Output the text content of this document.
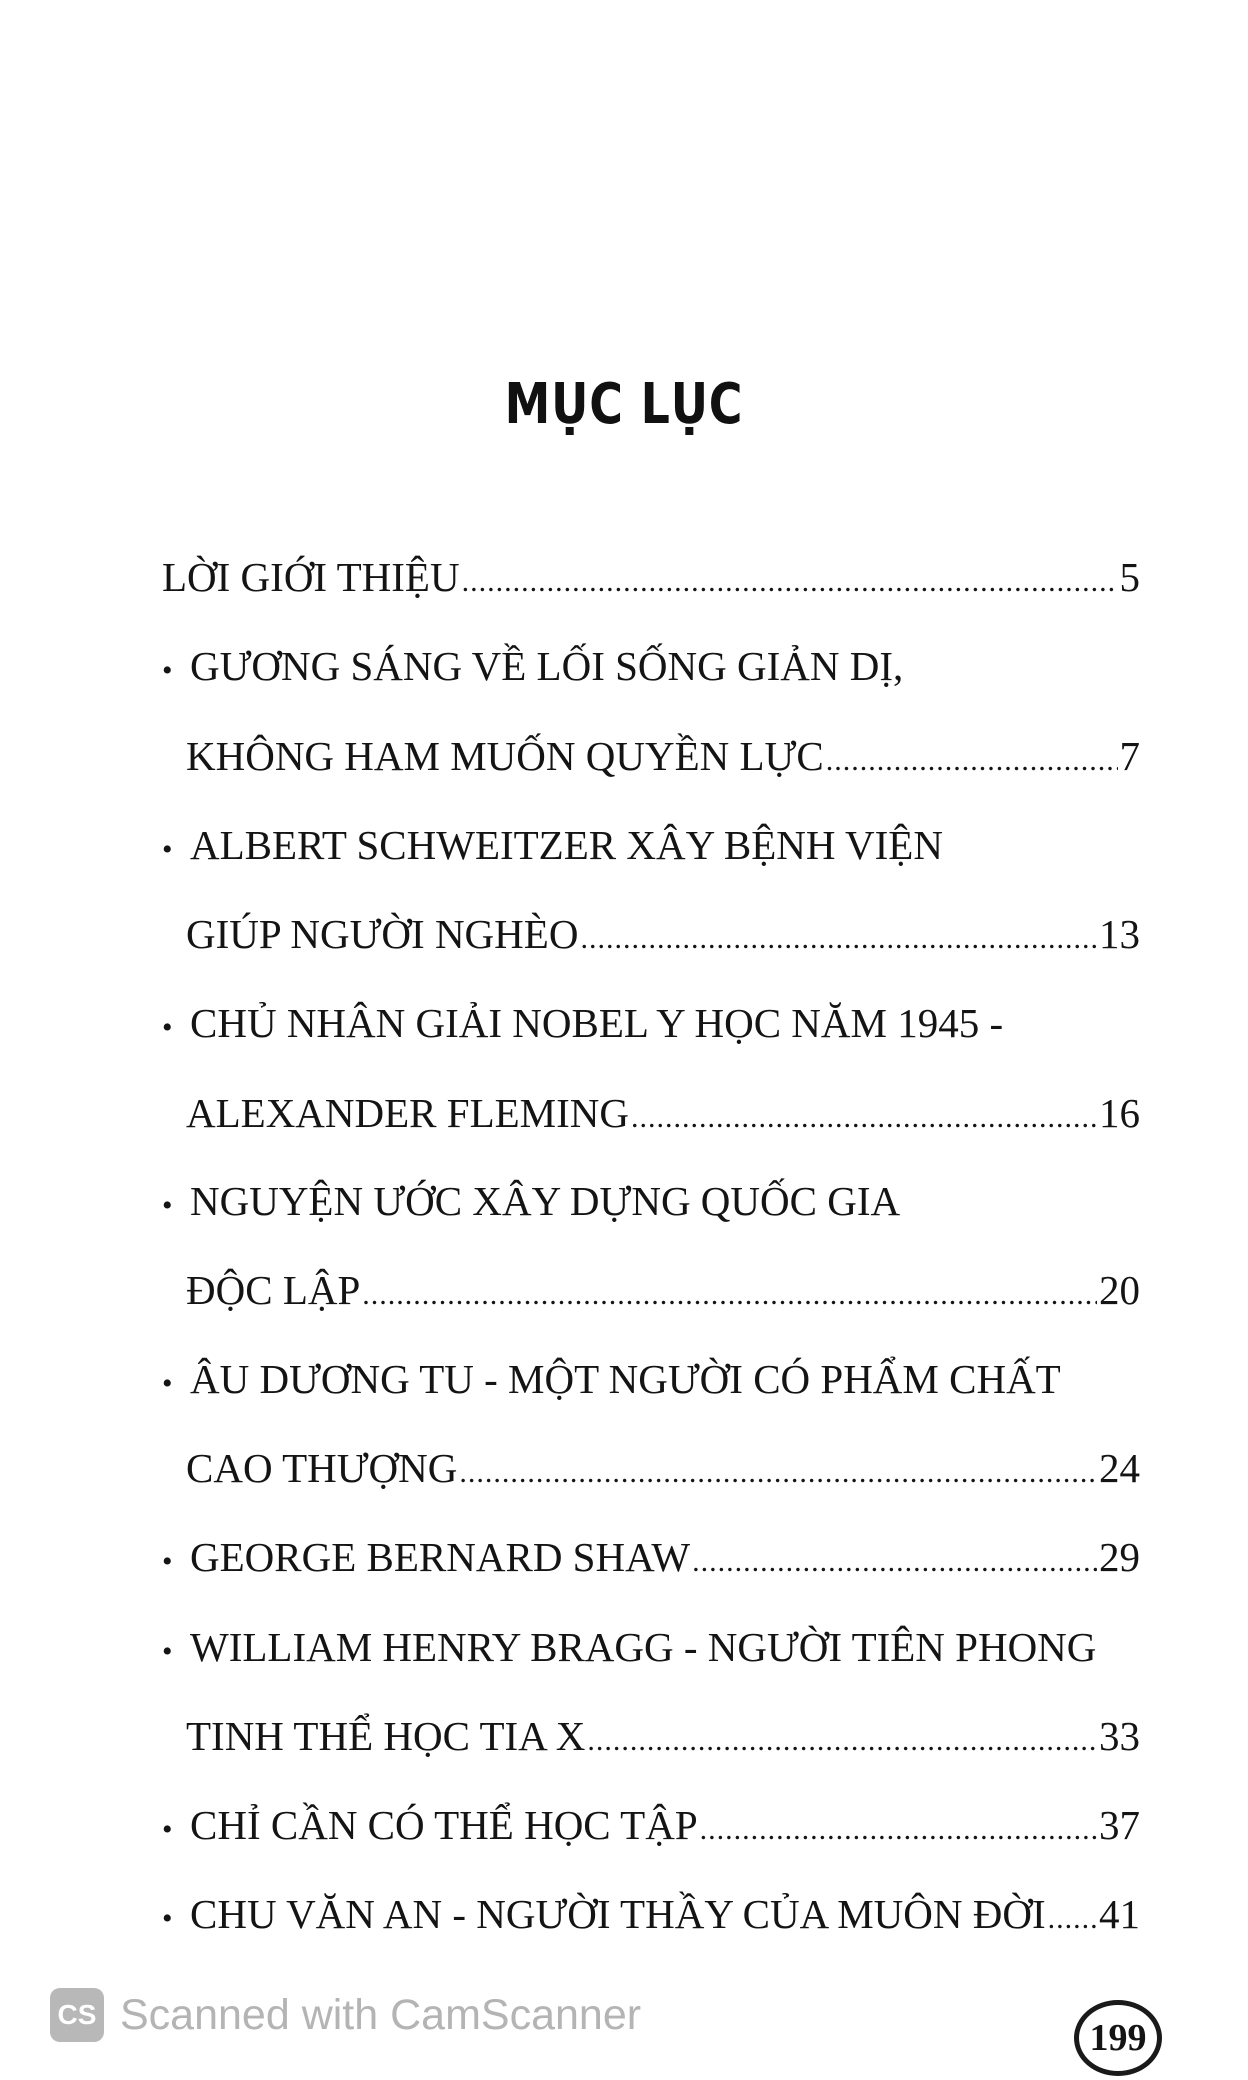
MỤC LỤC
LỜI GIỚI THIỆU .....	5
• GƯƠNG SÁNG VỀ LỐI SỐNG GIẢN DỊ,
KHÔNG HAM MUỐN QUYỀN LỰC .....	7
• ALBERT SCHWEITZER XÂY BỆNH VIỆN
GIÚP NGƯỜI NGHÈO .....	13
• CHỦ NHÂN GIẢI NOBEL Y HỌC NĂM 1945 -
ALEXANDER FLEMING .....	16
• NGUYỆN ƯỚC XÂY DỰNG QUỐC GIA
ĐỘC LẬP .....	20
• ÂU DƯƠNG TU - MỘT NGƯỜI CÓ PHẨM CHẤT
CAO THƯỢNG .....	24
• GEORGE BERNARD SHAW .....	29
• WILLIAM HENRY BRAGG - NGƯỜI TIÊN PHONG
TINH THỂ HỌC TIA X .....	33
• CHỈ CẦN CÓ THỂ HỌC TẬP .....	37
• CHU VĂN AN - NGƯỜI THẦY CỦA MUÔN ĐỜI ..... 41
CS Scanned with CamScanner	199
